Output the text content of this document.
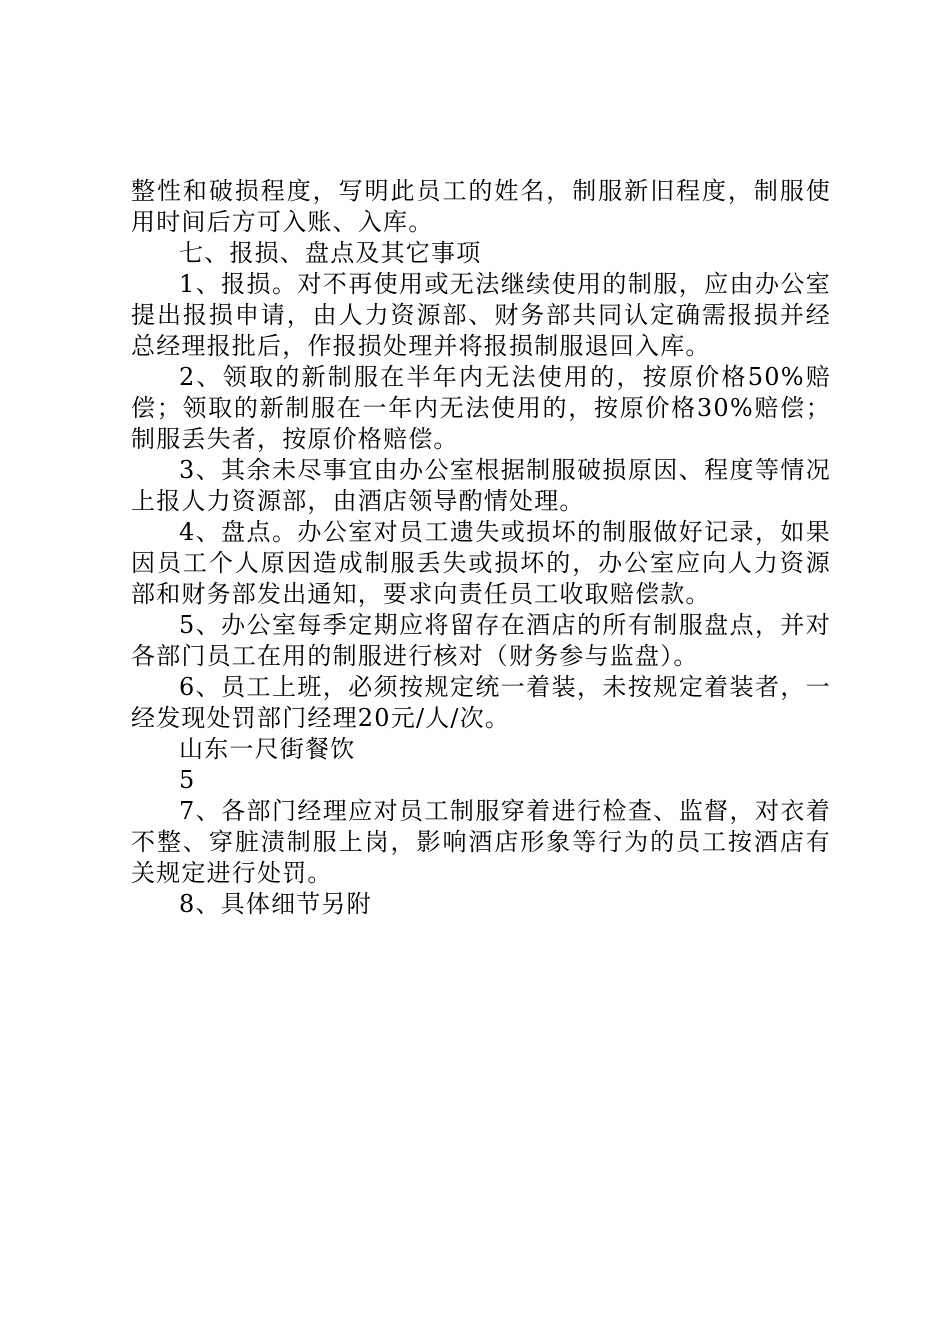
整性和破损程度，写明此员工的姓名，制服新旧程度，制服使用时间后方可入账、入库。

七、报损、盘点及其它事项

1、报损。对不再使用或无法继续使用的制服，应由办公室提出报损申请，由人力资源部、财务部共同认定确需报损并经总经理报批后，作报损处理并将报损制服退回入库。

2、领取的新制服在半年内无法使用的，按原价格50%赔偿；领取的新制服在一年内无法使用的，按原价格30%赔偿；制服丢失者，按原价格赔偿。

3、其余未尽事宜由办公室根据制服破损原因、程度等情况上报人力资源部，由酒店领导酌情处理。

4、盘点。办公室对员工遗失或损坏的制服做好记录，如果因员工个人原因造成制服丢失或损坏的，办公室应向人力资源部和财务部发出通知，要求向责任员工收取赔偿款。

5、办公室每季定期应将留存在酒店的所有制服盘点，并对各部门员工在用的制服进行核对（财务参与监盘）。

6、员工上班，必须按规定统一着装，未按规定着装者，一经发现处罚部门经理20元/人/次。

山东一尺街餐饮

5

7、各部门经理应对员工制服穿着进行检查、监督，对衣着不整、穿脏渍制服上岗，影响酒店形象等行为的员工按酒店有关规定进行处罚。

8、具体细节另附
